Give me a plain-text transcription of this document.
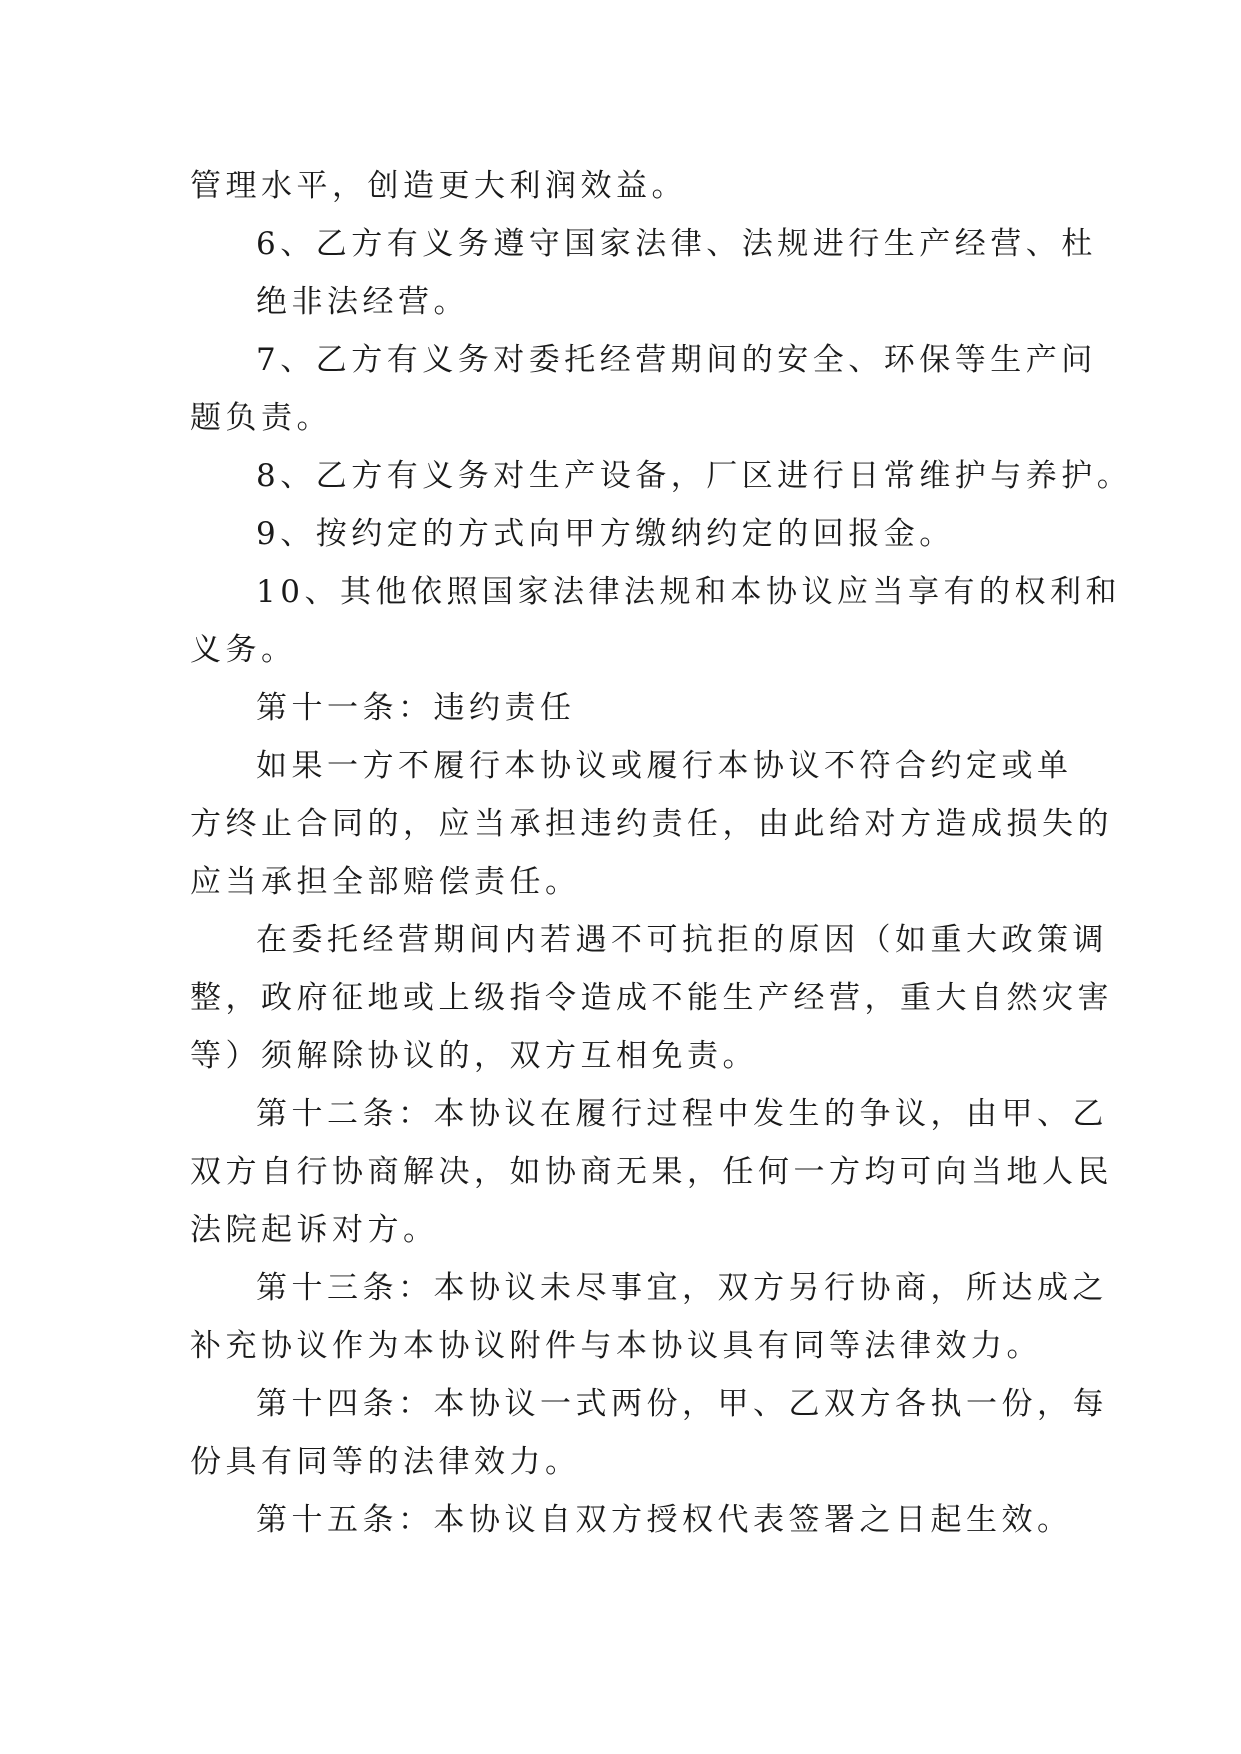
管理水平，创造更大利润效益。
6、乙方有义务遵守国家法律、法规进行生产经营、杜
绝非法经营。
7、乙方有义务对委托经营期间的安全、环保等生产问
题负责。
8、乙方有义务对生产设备，厂区进行日常维护与养护。
9、按约定的方式向甲方缴纳约定的回报金。
10、其他依照国家法律法规和本协议应当享有的权利和
义务。
第十一条：违约责任
如果一方不履行本协议或履行本协议不符合约定或单
方终止合同的，应当承担违约责任，由此给对方造成损失的
应当承担全部赔偿责任。
在委托经营期间内若遇不可抗拒的原因（如重大政策调
整，政府征地或上级指令造成不能生产经营，重大自然灾害
等）须解除协议的，双方互相免责。
第十二条：本协议在履行过程中发生的争议，由甲、乙
双方自行协商解决，如协商无果，任何一方均可向当地人民
法院起诉对方。
第十三条：本协议未尽事宜，双方另行协商，所达成之
补充协议作为本协议附件与本协议具有同等法律效力。
第十四条：本协议一式两份，甲、乙双方各执一份，每
份具有同等的法律效力。
第十五条：本协议自双方授权代表签署之日起生效。
